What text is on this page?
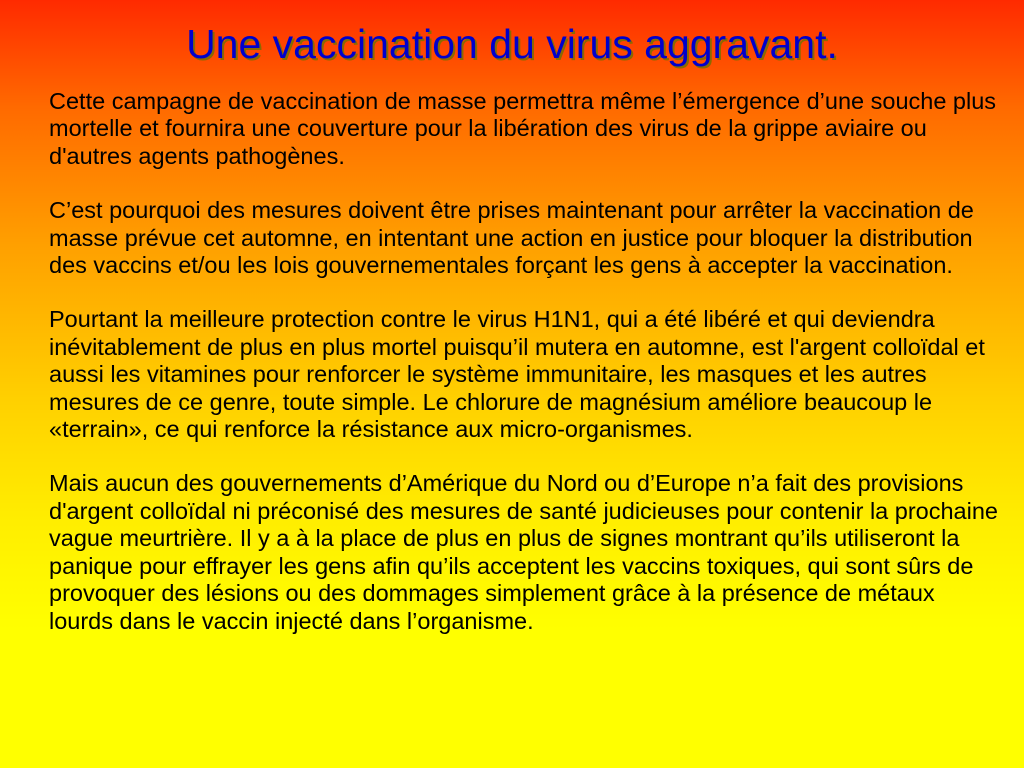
Une vaccination du virus aggravant.

Cette campagne de vaccination de masse permettra même l’émergence d’une souche plus mortelle et fournira une couverture pour la libération des virus de la grippe aviaire ou d'autres agents pathogènes.

C’est pourquoi des mesures doivent être prises maintenant pour arrêter la vaccination de masse prévue cet automne, en intentant une action en justice pour bloquer la distribution des vaccins et/ou les lois gouvernementales forçant les gens à accepter la vaccination.

Pourtant la meilleure protection contre le virus H1N1, qui a été libéré et qui deviendra inévitablement de plus en plus mortel puisqu’il mutera en automne, est l'argent colloïdal et aussi les vitamines pour renforcer le système immunitaire, les masques et les autres mesures de ce genre, toute simple. Le chlorure de magnésium améliore beaucoup le «terrain», ce qui renforce la résistance aux micro-organismes.

Mais aucun des gouvernements d’Amérique du Nord ou d’Europe n’a fait des provisions d'argent colloïdal ni préconisé des mesures de santé judicieuses pour contenir la prochaine vague meurtrière. Il y a à la place de plus en plus de signes montrant qu’ils utiliseront la panique pour effrayer les gens afin qu’ils acceptent les vaccins toxiques, qui sont sûrs de provoquer des lésions ou des dommages simplement grâce à la présence de métaux lourds dans le vaccin injecté dans l’organisme.
